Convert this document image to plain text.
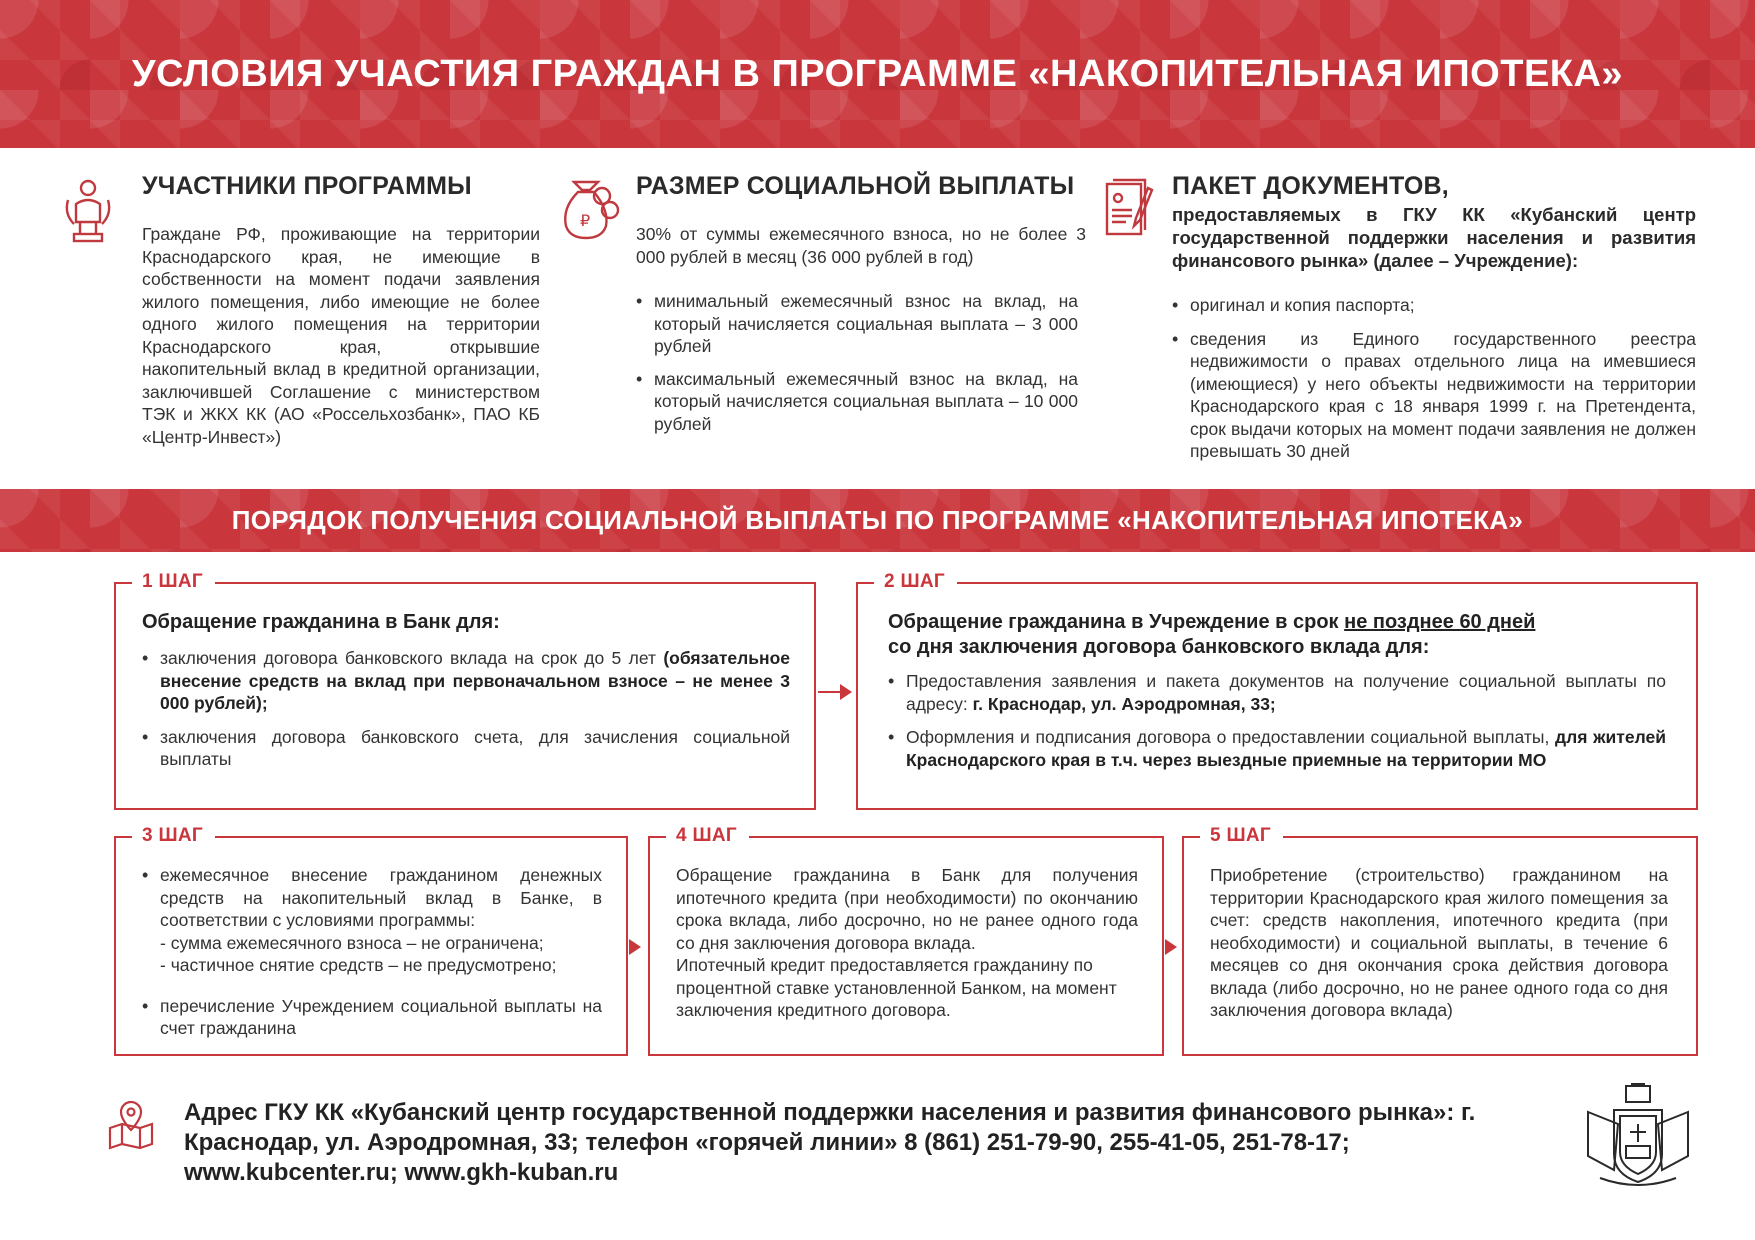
УСЛОВИЯ УЧАСТИЯ ГРАЖДАН В ПРОГРАММЕ «НАКОПИТЕЛЬНАЯ ИПОТЕКА»
УЧАСТНИКИ ПРОГРАММЫ

Граждане РФ, проживающие на территории Краснодарского края, не имеющие в собственности на момент подачи заявления жилого помещения, либо имеющие не более одного жилого помещения на территории Краснодарского края, открывшие накопительный вклад в кредитной организации, заключившей Соглашение с министерством ТЭК и ЖКХ КК (АО «Россельхозбанк», ПАО КБ «Центр-Инвест»)

₽
РАЗМЕР СОЦИАЛЬНОЙ ВЫПЛАТЫ

30% от суммы ежемесячного взноса, но не более 3 000 рублей в месяц (36 000 рублей в год)

• минимальный ежемесячный взнос на вклад, на который начисляется социальная выплата – 3 000 рублей
• максимальный ежемесячный взнос на вклад, на который начисляется социальная выплата – 10 000 рублей
ПАКЕТ ДОКУМЕНТОВ,
предоставляемых в ГКУ КК «Кубанский центр государственной поддержки населения и развития финансового рынка» (далее – Учреждение):
• оригинал и копия паспорта;
• сведения из Единого государственного реестра недвижимости о правах отдельного лица на имевшиеся (имеющиеся) у него объекты недвижимости на территории Краснодарского края с 18 января 1999 г. на Претендента, срок выдачи которых на момент подачи заявления не должен превышать 30 дней
ПОРЯДОК ПОЛУЧЕНИЯ СОЦИАЛЬНОЙ ВЫПЛАТЫ ПО ПРОГРАММЕ «НАКОПИТЕЛЬНАЯ ИПОТЕКА»
1 ШАГ
Обращение гражданина в Банк для:
• заключения договора банковского вклада на срок до 5 лет (обязательное внесение средств на вклад при первоначальном взносе – не менее 3 000 рублей);
• заключения договора банковского счета, для зачисления социальной выплаты
2 ШАГ
Обращение гражданина в Учреждение в срок не позднее 60 дней
со дня заключения договора банковского вклада для:
• Предоставления заявления и пакета документов на получение социальной выплаты по адресу: г. Краснодар, ул. Аэродромная, 33;
• Оформления и подписания договора о предоставлении социальной выплаты, для жителей Краснодарского края в т.ч. через выездные приемные на территории МО
3 ШАГ
• ежемесячное внесение гражданином денежных средств на накопительный вклад в Банке, в соответствии с условиями программы:
- сумма ежемесячного взноса – не ограничена;
- частичное снятие средств – не предусмотрено;
• перечисление Учреждением социальной выплаты на счет гражданина
4 ШАГ

Обращение гражданина в Банк для получения ипотечного кредита (при необходимости) по окончанию срока вклада, либо досрочно, но не ранее одного года со дня заключения договора вклада.

Ипотечный кредит предоставляется гражданину по процентной ставке установленной Банком, на момент заключения кредитного договора.

5 ШАГ

Приобретение (строительство) гражданином на территории Краснодарского края жилого помещения за счет: средств накопления, ипотечного кредита (при необходимости) и социальной выплаты, в течение 6 месяцев со дня окончания срока действия договора вклада (либо досрочно, но не ранее одного года со дня заключения договора вклада)

Адрес ГКУ КК «Кубанский центр государственной поддержки населения и развития финансового рынка»: г. Краснодар, ул. Аэродромная, 33; телефон «горячей линии» 8 (861) 251-79-90, 255-41-05, 251-78-17; www.kubcenter.ru; www.gkh-kuban.ru
